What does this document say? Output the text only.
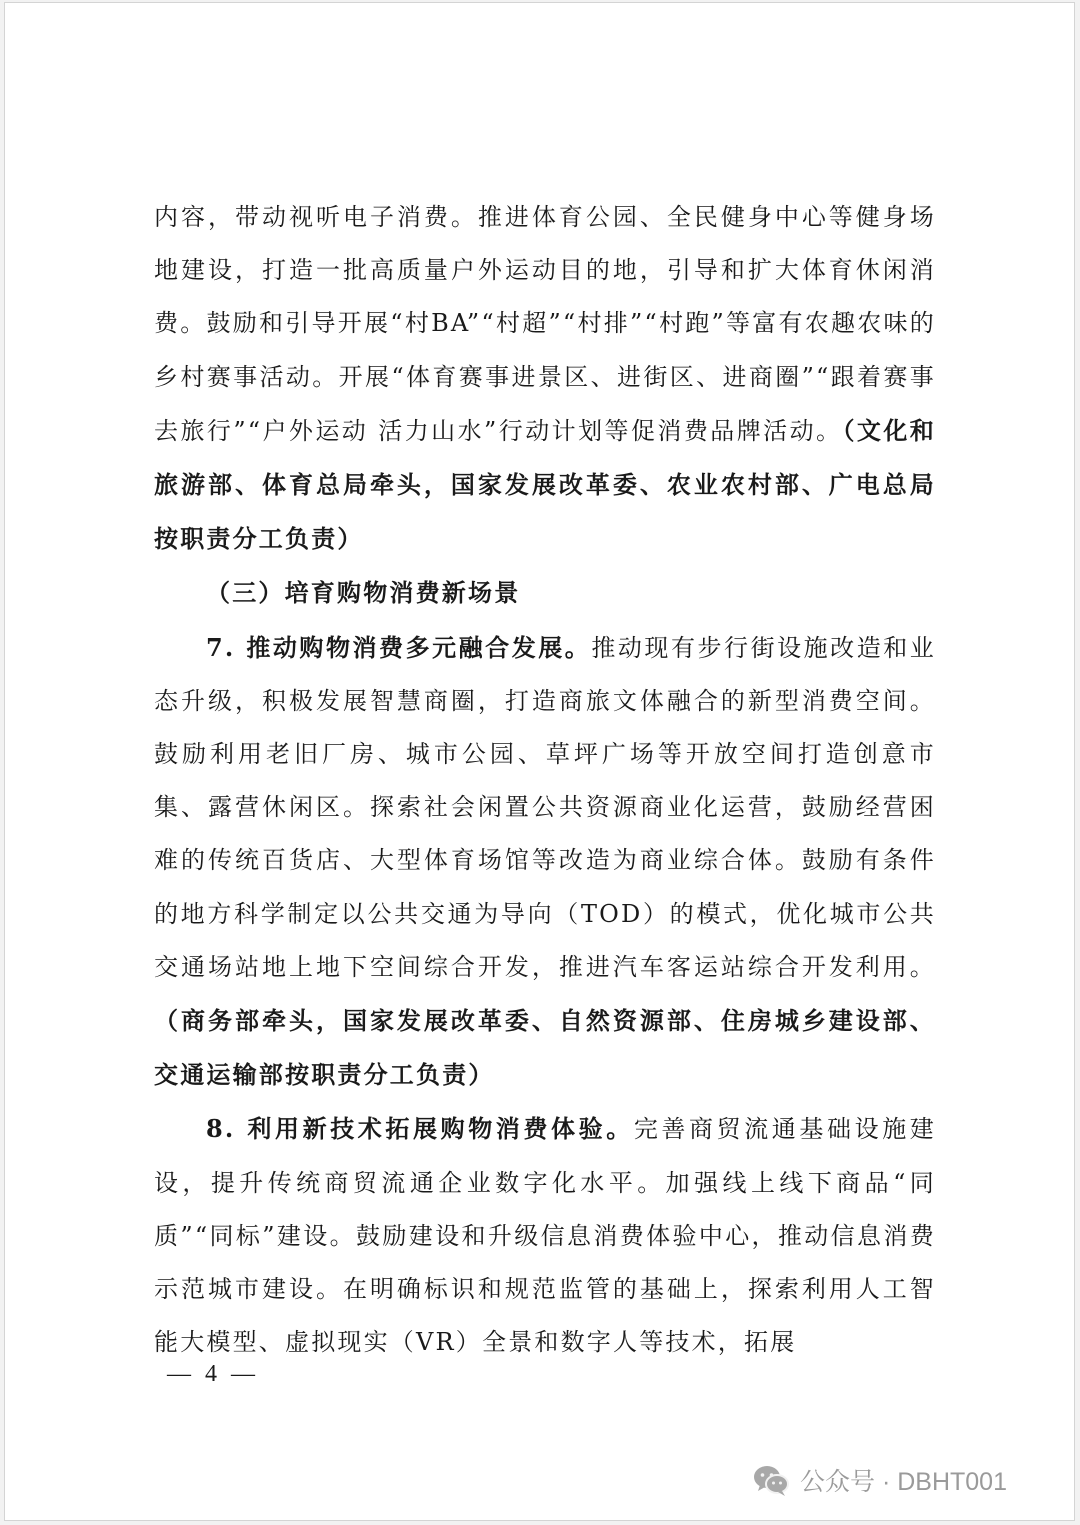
内容，带动视听电子消费。推进体育公园、全民健身中心等健身场地建设，打造一批高质量户外运动目的地，引导和扩大体育休闲消费。鼓励和引导开展“村BA”“村超”“村排”“村跑”等富有农趣农味的乡村赛事活动。开展“体育赛事进景区、进街区、进商圈”“跟着赛事去旅行”“户外运动 活力山水”行动计划等促消费品牌活动。（文化和旅游部、体育总局牵头，国家发展改革委、农业农村部、广电总局按职责分工负责）

（三）培育购物消费新场景

7. 推动购物消费多元融合发展。推动现有步行街设施改造和业态升级，积极发展智慧商圈，打造商旅文体融合的新型消费空间。鼓励利用老旧厂房、城市公园、草坪广场等开放空间打造创意市集、露营休闲区。探索社会闲置公共资源商业化运营，鼓励经营困难的传统百货店、大型体育场馆等改造为商业综合体。鼓励有条件的地方科学制定以公共交通为导向（TOD）的模式，优化城市公共交通场站地上地下空间综合开发，推进汽车客运站综合开发利用。（商务部牵头，国家发展改革委、自然资源部、住房城乡建设部、交通运输部按职责分工负责）

8. 利用新技术拓展购物消费体验。完善商贸流通基础设施建设，提升传统商贸流通企业数字化水平。加强线上线下商品“同质”“同标”建设。鼓励建设和升级信息消费体验中心，推动信息消费示范城市建设。在明确标识和规范监管的基础上，探索利用人工智能大模型、虚拟现实（VR）全景和数字人等技术，拓展

— 4 —
公众号 · DBHT001
